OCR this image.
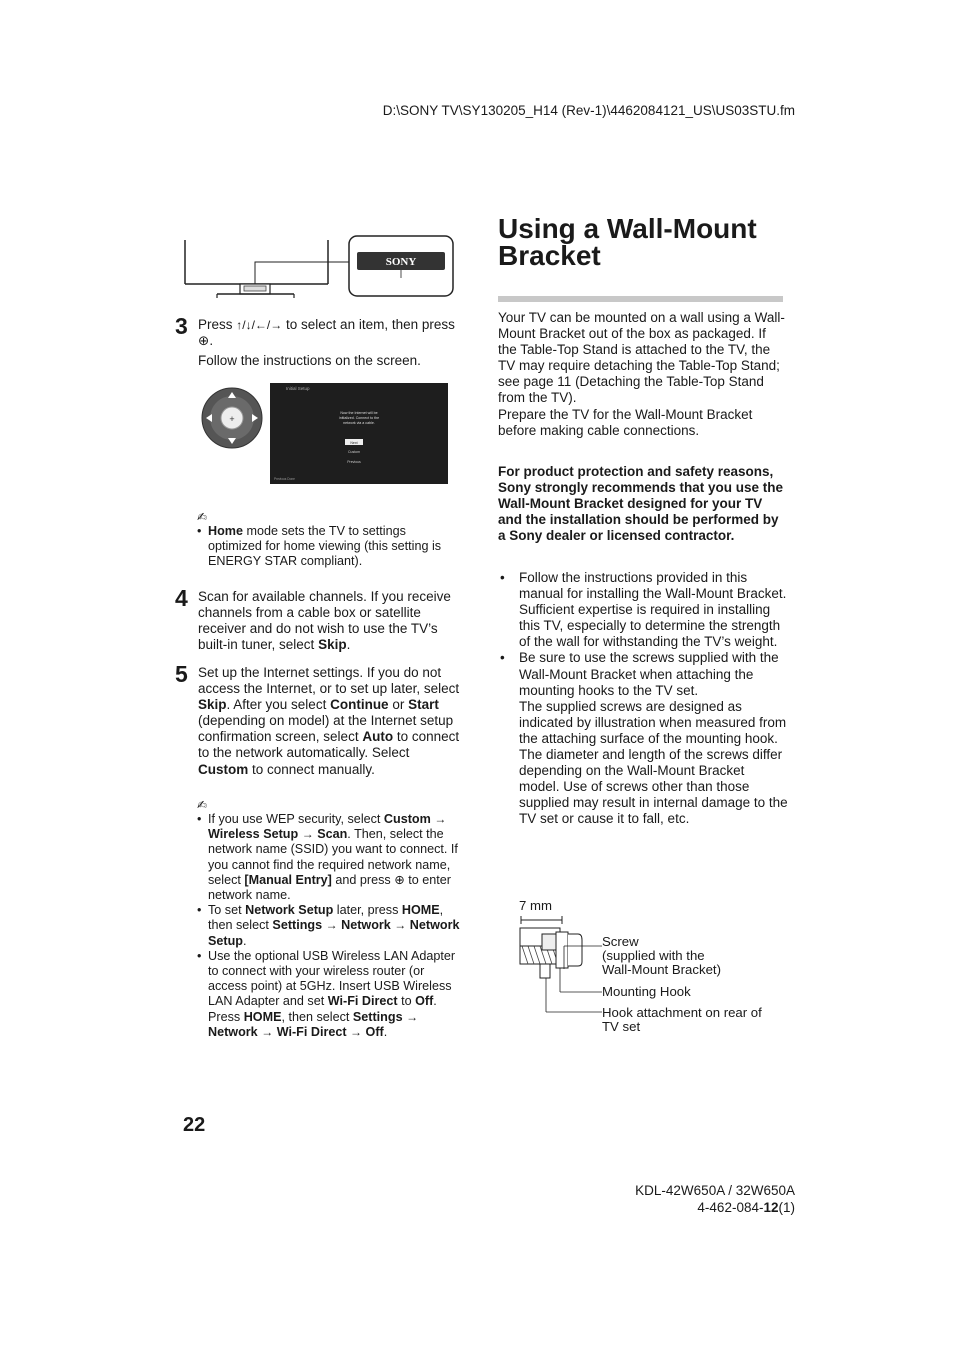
D:\SONY TV\SY130205_H14 (Rev-1)\4462084121_US\US03STU.fm
SONY
3 Press ↑/↓/←/→ to select an item, then press ⊕.
Follow the instructions on the screen.
+
Initial Setup
Now the Internet will be
initialized. Connect to the
network via a cable.
Next
Custom
Previous
Previous Done
✍
• Home mode sets the TV to settings optimized for home viewing (this setting is ENERGY STAR compliant).
4 Scan for available channels. If you receive channels from a cable box or satellite receiver and do not wish to use the TV’s built-in tuner, select Skip.
5 Set up the Internet settings. If you do not access the Internet, or to set up later, select Skip. After you select Continue or Start (depending on model) at the Internet setup confirmation screen, select Auto to connect to the network automatically. Select Custom to connect manually.
✍
• If you use WEP security, select Custom → Wireless Setup → Scan. Then, select the network name (SSID) you want to connect. If you cannot find the required network name, select [Manual Entry] and press ⊕ to enter network name.
• To set Network Setup later, press HOME, then select Settings → Network → Network Setup.
• Use the optional USB Wireless LAN Adapter to connect with your wireless router (or access point) at 5GHz. Insert USB Wireless LAN Adapter and set Wi-Fi Direct to Off. Press HOME, then select Settings → Network → Wi-Fi Direct → Off.
Using a Wall-Mount
Bracket

Your TV can be mounted on a wall using a Wall-Mount Bracket out of the box as packaged. If the Table-Top Stand is attached to the TV, the TV may require detaching the Table-Top Stand; see page 11 (Detaching the Table-Top Stand from the TV).

Prepare the TV for the Wall-Mount Bracket before making cable connections.

For product protection and safety reasons, Sony strongly recommends that you use the Wall-Mount Bracket designed for your TV and the installation should be performed by a Sony dealer or licensed contractor.

• Follow the instructions provided in this manual for installing the Wall-Mount Bracket. Sufficient expertise is required in installing this TV, especially to determine the strength of the wall for withstanding the TV’s weight.
• Be sure to use the screws supplied with the Wall-Mount Bracket when attaching the mounting hooks to the TV set.
The supplied screws are designed as indicated by illustration when measured from the attaching surface of the mounting hook.
The diameter and length of the screws differ depending on the Wall-Mount Bracket model. Use of screws other than those supplied may result in internal damage to the TV set or cause it to fall, etc.
7 mm
Screw
(supplied with the
Wall-Mount Bracket)
Mounting Hook
Hook attachment on rear of
TV set
22
KDL-42W650A / 32W650A
4-462-084-12(1)
